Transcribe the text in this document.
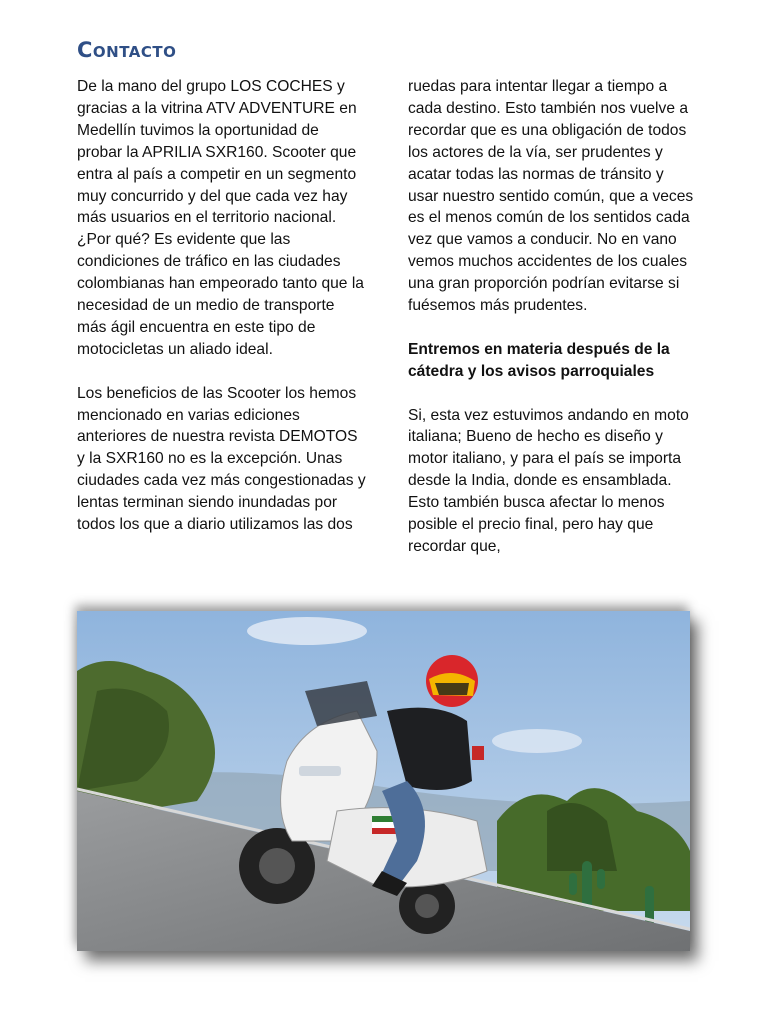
Contacto

De la mano del grupo LOS COCHES y gracias a la vitrina ATV ADVENTURE en Medellín tuvimos la oportunidad de probar la APRILIA SXR160. Scooter que entra al país a competir en un segmento muy concurrido y del que cada vez hay más usuarios en el territorio nacional. ¿Por qué? Es evidente que las condiciones de tráfico en las ciudades colombianas han empeorado tanto que la necesidad de un medio de transporte más ágil encuentra en este tipo de motocicletas un aliado ideal.

Los beneficios de las Scooter los hemos mencionado en varias ediciones anteriores de nuestra revista DEMOTOS y la SXR160 no es la excepción. Unas ciudades cada vez más congestionadas y lentas terminan siendo inundadas por todos los que a diario utilizamos las dos

ruedas para intentar llegar a tiempo a cada destino. Esto también nos vuelve a recordar que es una obligación de todos los actores de la vía, ser prudentes y acatar todas las normas de tránsito y usar nuestro sentido común, que a veces es el menos común de los sentidos cada vez que vamos a conducir. No en vano vemos muchos accidentes de los cuales una gran proporción podrían evitarse si fuésemos más prudentes.

Entremos en materia después de la cátedra y los avisos parroquiales

Si, esta vez estuvimos andando en moto italiana; Bueno de hecho es diseño y motor italiano, y para el país se importa desde la India, donde es ensamblada. Esto también busca afectar lo menos posible el precio final, pero hay que recordar que,
